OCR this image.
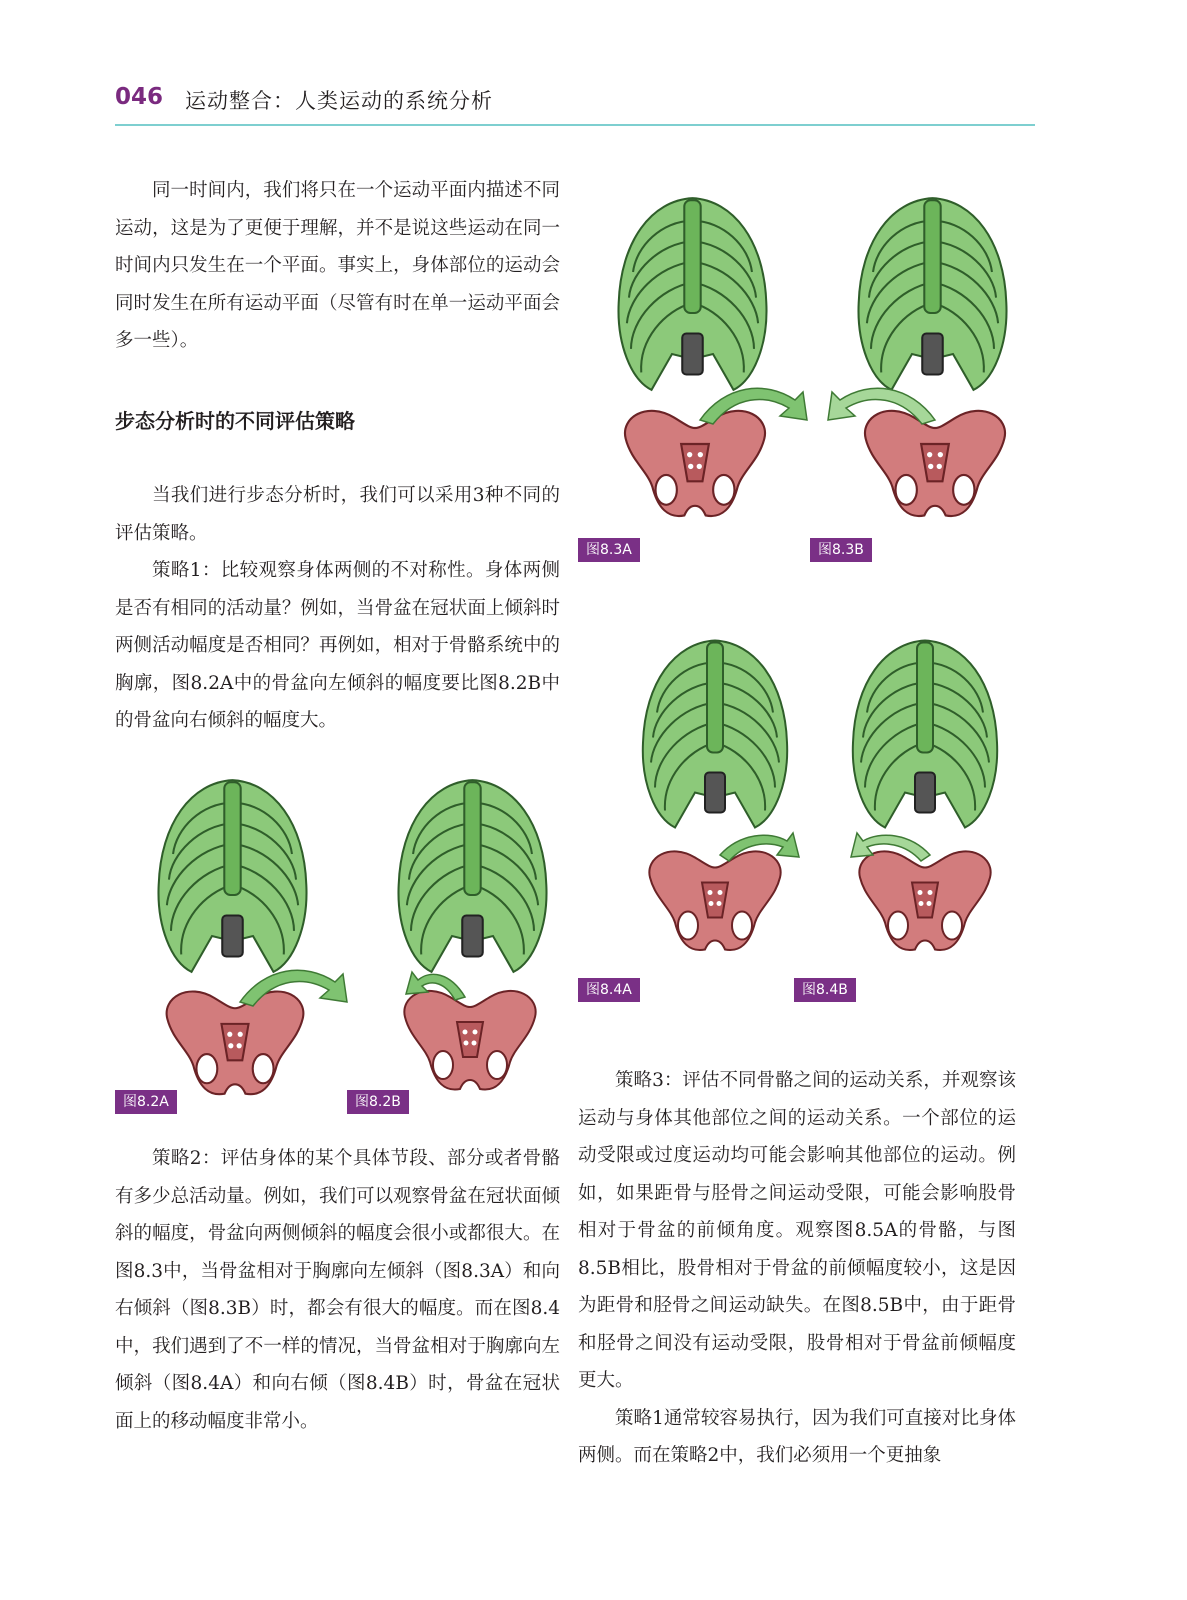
046 运动整合：人类运动的系统分析

同一时间内，我们将只在一个运动平面内描述不同运动，这是为了更便于理解，并不是说这些运动在同一时间内只发生在一个平面。事实上，身体部位的运动会同时发生在所有运动平面（尽管有时在单一运动平面会多一些）。

步态分析时的不同评估策略

当我们进行步态分析时，我们可以采用3种不同的评估策略。

策略1：比较观察身体两侧的不对称性。身体两侧是否有相同的活动量？例如，当骨盆在冠状面上倾斜时两侧活动幅度是否相同？再例如，相对于骨骼系统中的胸廓，图8.2A中的骨盆向左倾斜的幅度要比图8.2B中的骨盆向右倾斜的幅度大。

图8.2A	图8.2B

策略2：评估身体的某个具体节段、部分或者骨骼有多少总活动量。例如，我们可以观察骨盆在冠状面倾斜的幅度，骨盆向两侧倾斜的幅度会很小或都很大。在图8.3中，当骨盆相对于胸廓向左倾斜（图8.3A）和向右倾斜（图8.3B）时，都会有很大的幅度。而在图8.4中，我们遇到了不一样的情况，当骨盆相对于胸廓向左倾斜（图8.4A）和向右倾（图8.4B）时，骨盆在冠状面上的移动幅度非常小。

图8.3A	图8.3B
图8.4A	图8.4B

策略3：评估不同骨骼之间的运动关系，并观察该运动与身体其他部位之间的运动关系。一个部位的运动受限或过度运动均可能会影响其他部位的运动。例如，如果距骨与胫骨之间运动受限，可能会影响股骨相对于骨盆的前倾角度。观察图8.5A的骨骼，与图8.5B相比，股骨相对于骨盆的前倾幅度较小，这是因为距骨和胫骨之间运动缺失。在图8.5B中，由于距骨和胫骨之间没有运动受限，股骨相对于骨盆前倾幅度更大。

策略1通常较容易执行，因为我们可直接对比身体两侧。而在策略2中，我们必须用一个更抽象
